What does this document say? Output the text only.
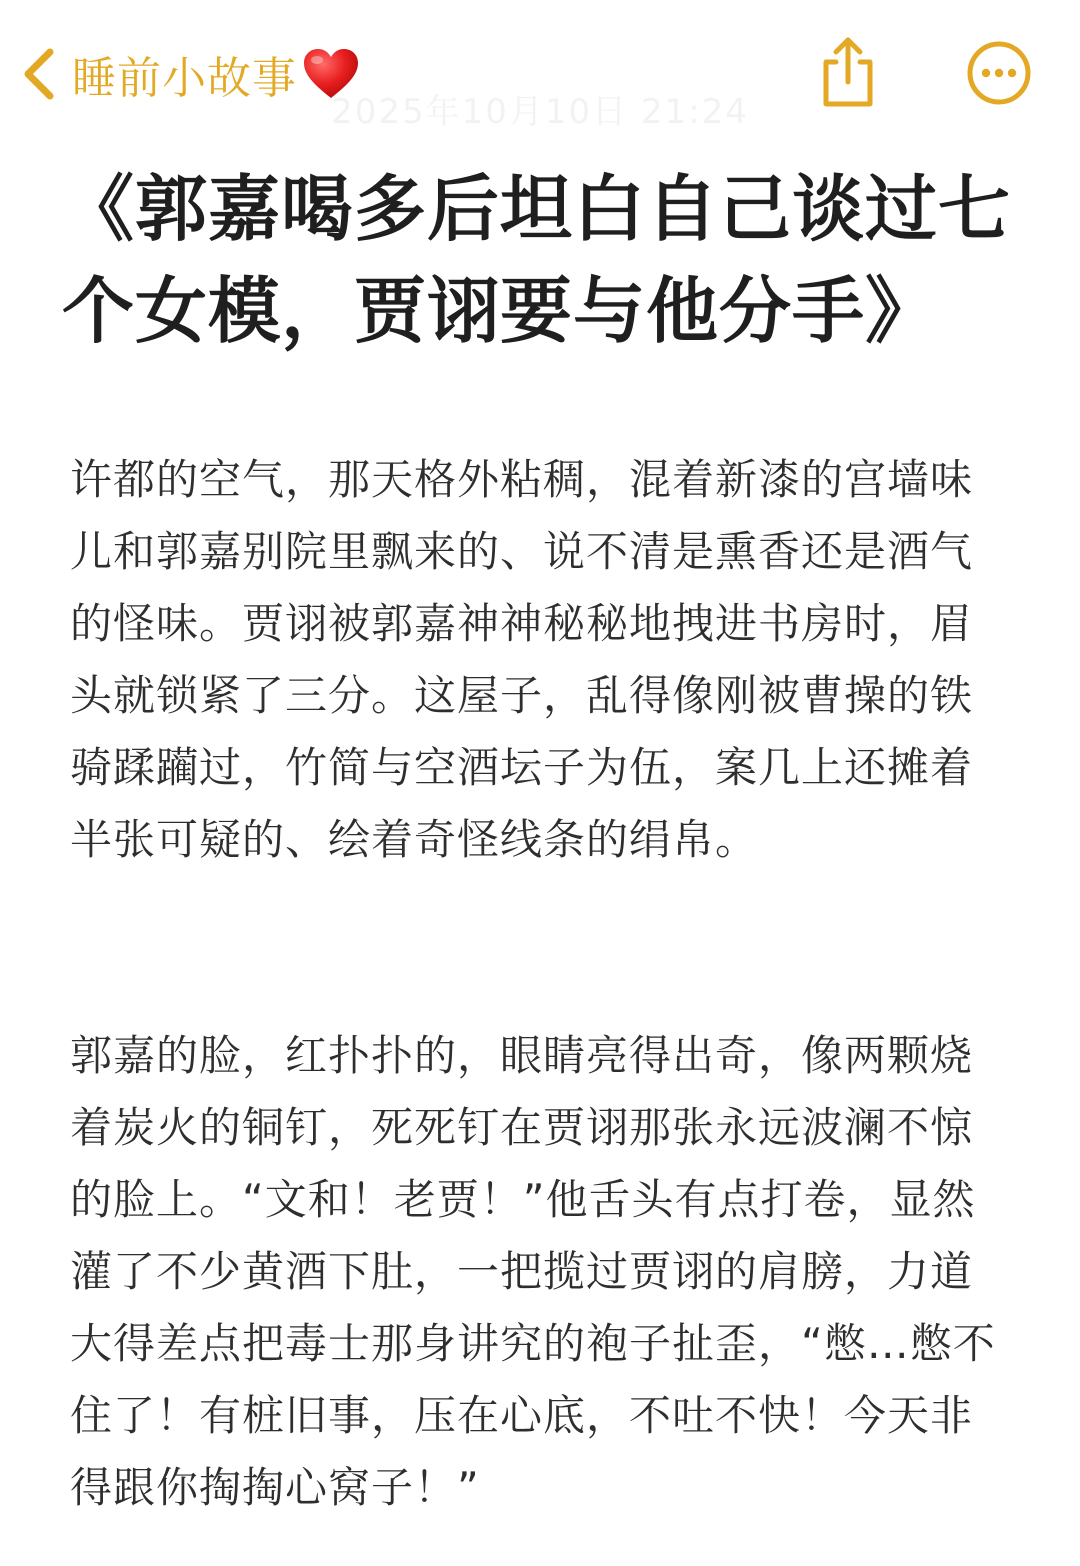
睡前小故事
2025年10月10日 21:24
《郭嘉喝多后坦白自己谈过七个女模，贾诩要与他分手》

许都的空气，那天格外粘稠，混着新漆的宫墙味儿和郭嘉别院里飘来的、说不清是熏香还是酒气的怪味。贾诩被郭嘉神神秘秘地拽进书房时，眉头就锁紧了三分。这屋子，乱得像刚被曹操的铁骑蹂躏过，竹简与空酒坛子为伍，案几上还摊着半张可疑的、绘着奇怪线条的绢帛。

郭嘉的脸，红扑扑的，眼睛亮得出奇，像两颗烧着炭火的铜钉，死死钉在贾诩那张永远波澜不惊的脸上。“文和！老贾！”他舌头有点打卷，显然灌了不少黄酒下肚，一把揽过贾诩的肩膀，力道大得差点把毒士那身讲究的袍子扯歪，“憋…憋不住了！有桩旧事，压在心底，不吐不快！今天非得跟你掏掏心窝子！”
